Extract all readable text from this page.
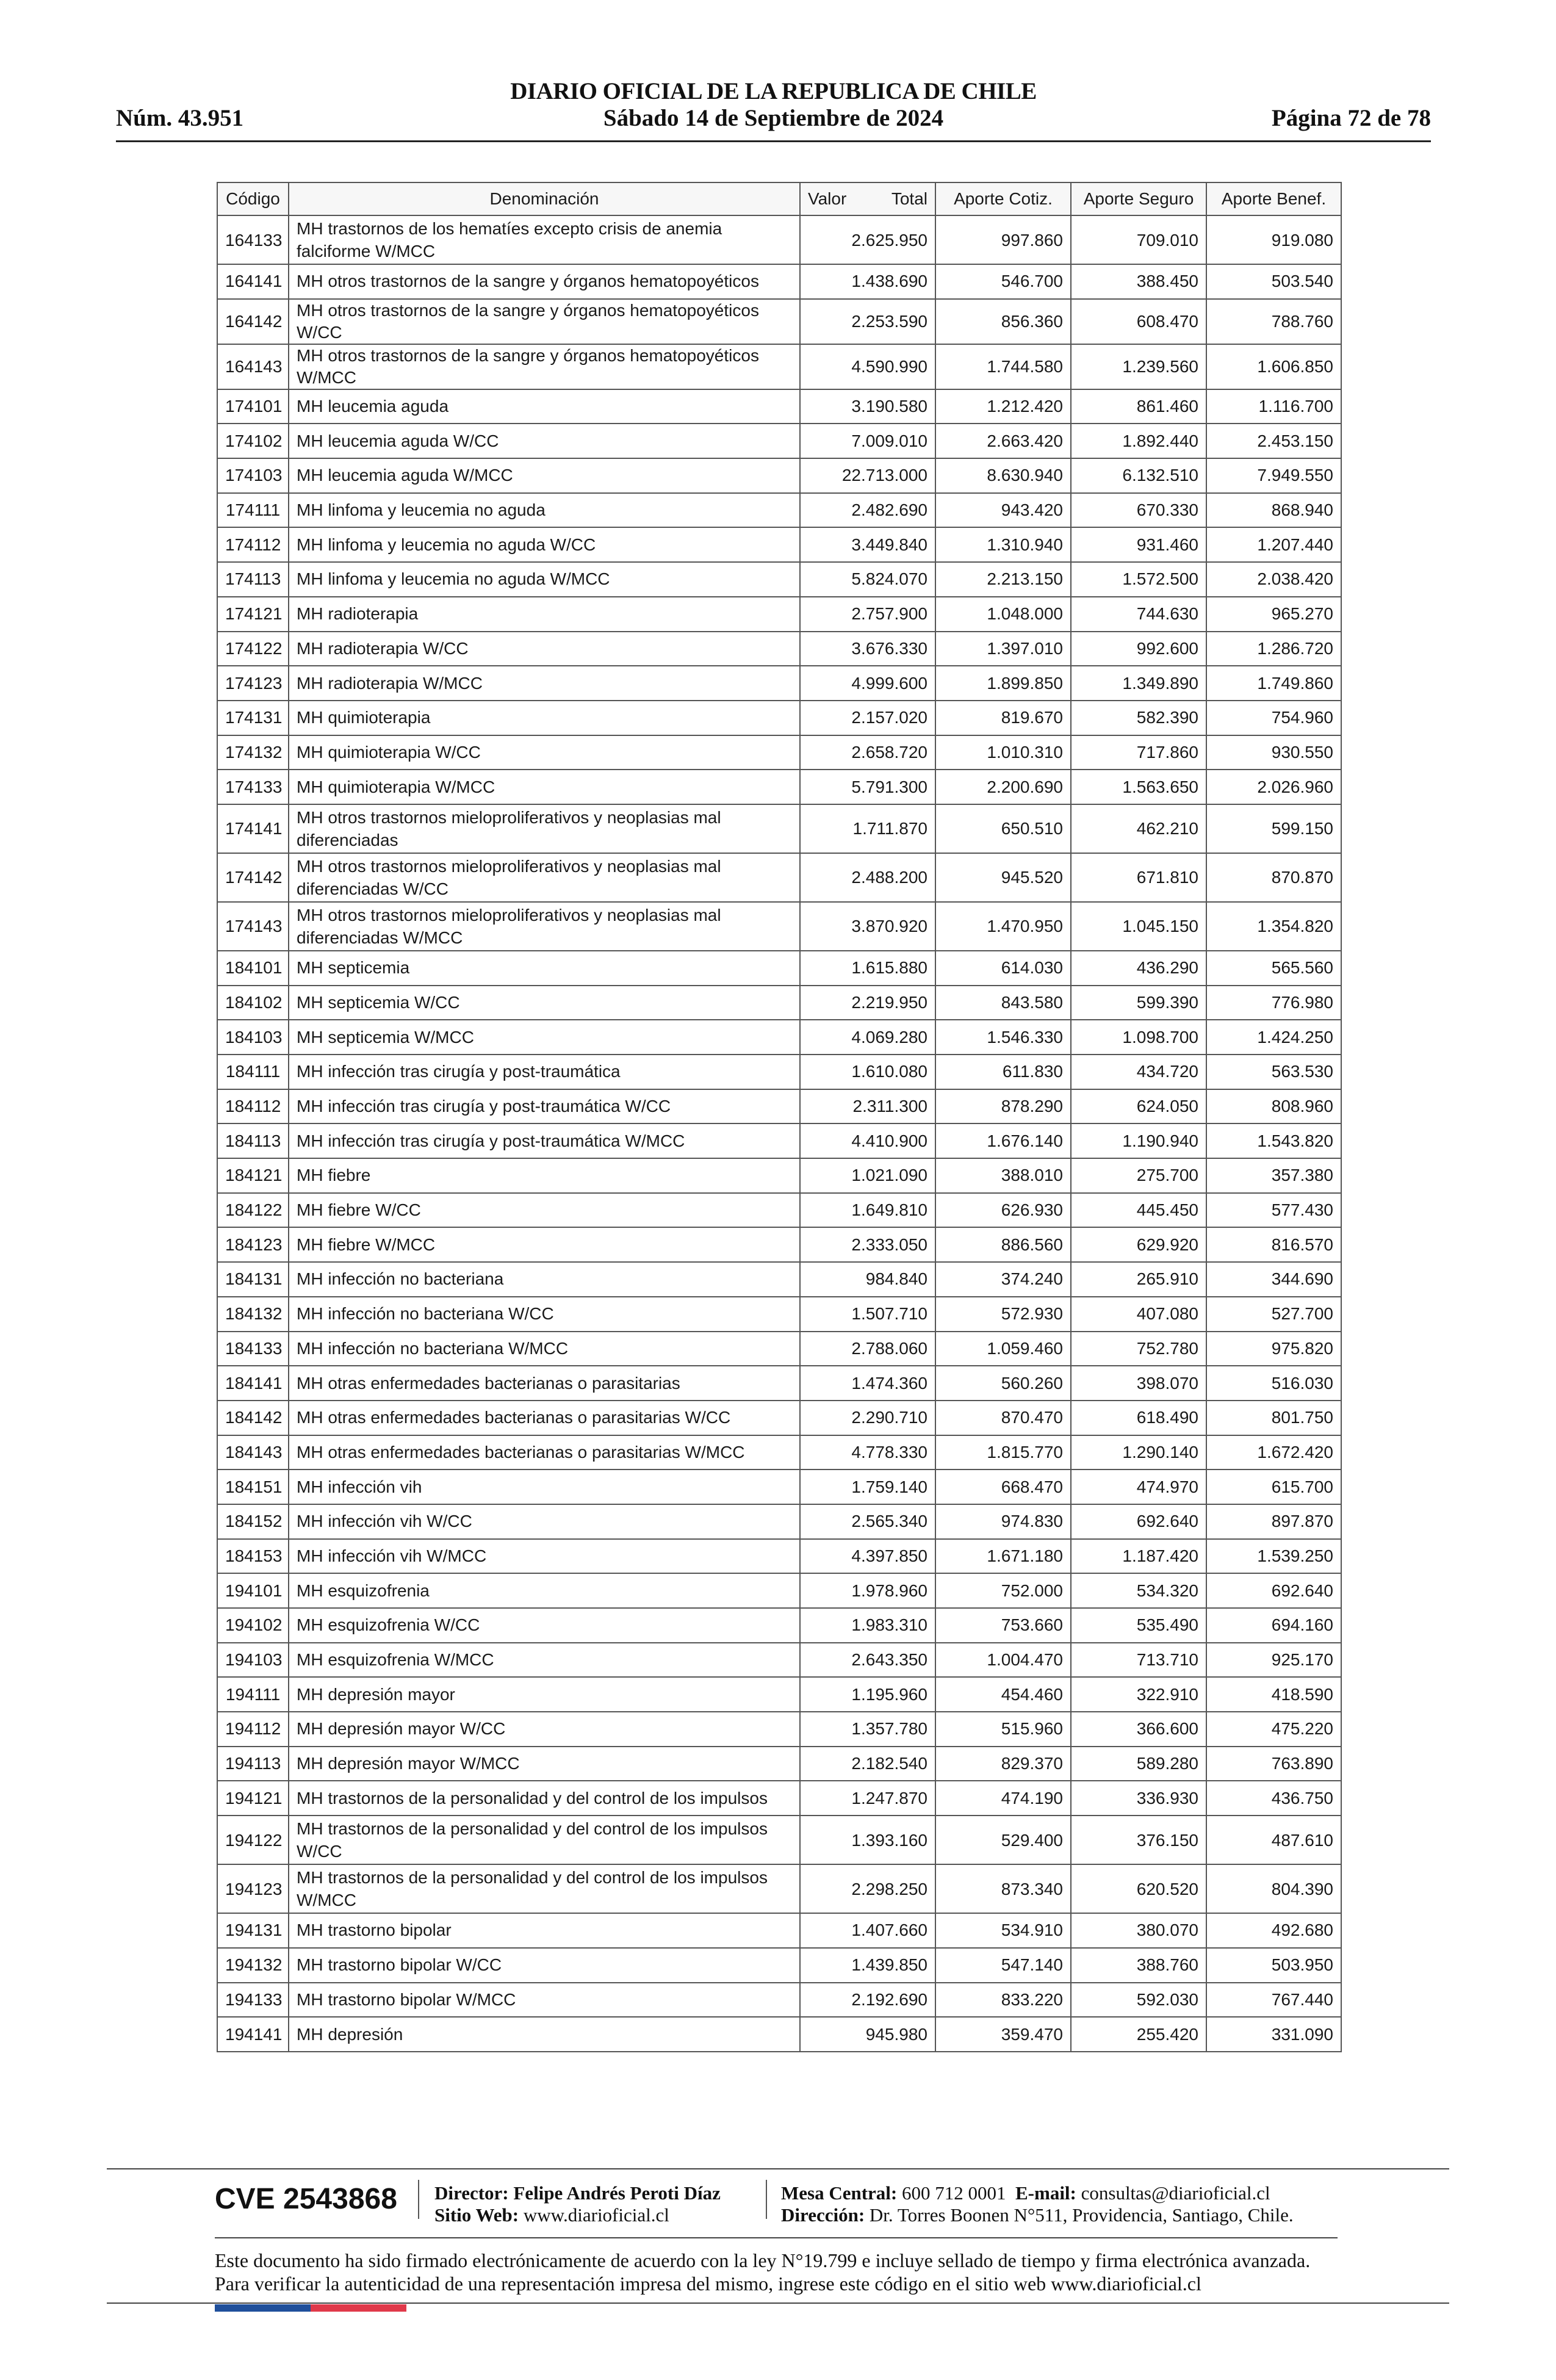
DIARIO OFICIAL DE LA REPUBLICA DE CHILE
Núm. 43.951	Sábado 14 de Septiembre de 2024	Página 72 de 78
Código	Denominación	Valor Total	Aporte Cotiz.	Aporte Seguro	Aporte Benef.
164133	MH trastornos de los hematíes excepto crisis de anemia falciforme W/MCC	2.625.950	997.860	709.010	919.080
164141	MH otros trastornos de la sangre y órganos hematopoyéticos	1.438.690	546.700	388.450	503.540
164142	MH otros trastornos de la sangre y órganos hematopoyéticos W/CC	2.253.590	856.360	608.470	788.760
164143	MH otros trastornos de la sangre y órganos hematopoyéticos W/MCC	4.590.990	1.744.580	1.239.560	1.606.850
174101	MH leucemia aguda	3.190.580	1.212.420	861.460	1.116.700
174102	MH leucemia aguda W/CC	7.009.010	2.663.420	1.892.440	2.453.150
174103	MH leucemia aguda W/MCC	22.713.000	8.630.940	6.132.510	7.949.550
174111	MH linfoma y leucemia no aguda	2.482.690	943.420	670.330	868.940
174112	MH linfoma y leucemia no aguda W/CC	3.449.840	1.310.940	931.460	1.207.440
174113	MH linfoma y leucemia no aguda W/MCC	5.824.070	2.213.150	1.572.500	2.038.420
174121	MH radioterapia	2.757.900	1.048.000	744.630	965.270
174122	MH radioterapia W/CC	3.676.330	1.397.010	992.600	1.286.720
174123	MH radioterapia W/MCC	4.999.600	1.899.850	1.349.890	1.749.860
174131	MH quimioterapia	2.157.020	819.670	582.390	754.960
174132	MH quimioterapia W/CC	2.658.720	1.010.310	717.860	930.550
174133	MH quimioterapia W/MCC	5.791.300	2.200.690	1.563.650	2.026.960
174141	MH otros trastornos mieloproliferativos y neoplasias mal diferenciadas	1.711.870	650.510	462.210	599.150
174142	MH otros trastornos mieloproliferativos y neoplasias mal diferenciadas W/CC	2.488.200	945.520	671.810	870.870
174143	MH otros trastornos mieloproliferativos y neoplasias mal diferenciadas W/MCC	3.870.920	1.470.950	1.045.150	1.354.820
184101	MH septicemia	1.615.880	614.030	436.290	565.560
184102	MH septicemia W/CC	2.219.950	843.580	599.390	776.980
184103	MH septicemia W/MCC	4.069.280	1.546.330	1.098.700	1.424.250
184111	MH infección tras cirugía y post-traumática	1.610.080	611.830	434.720	563.530
184112	MH infección tras cirugía y post-traumática W/CC	2.311.300	878.290	624.050	808.960
184113	MH infección tras cirugía y post-traumática W/MCC	4.410.900	1.676.140	1.190.940	1.543.820
184121	MH fiebre	1.021.090	388.010	275.700	357.380
184122	MH fiebre W/CC	1.649.810	626.930	445.450	577.430
184123	MH fiebre W/MCC	2.333.050	886.560	629.920	816.570
184131	MH infección no bacteriana	984.840	374.240	265.910	344.690
184132	MH infección no bacteriana W/CC	1.507.710	572.930	407.080	527.700
184133	MH infección no bacteriana W/MCC	2.788.060	1.059.460	752.780	975.820
184141	MH otras enfermedades bacterianas o parasitarias	1.474.360	560.260	398.070	516.030
184142	MH otras enfermedades bacterianas o parasitarias W/CC	2.290.710	870.470	618.490	801.750
184143	MH otras enfermedades bacterianas o parasitarias W/MCC	4.778.330	1.815.770	1.290.140	1.672.420
184151	MH infección vih	1.759.140	668.470	474.970	615.700
184152	MH infección vih W/CC	2.565.340	974.830	692.640	897.870
184153	MH infección vih W/MCC	4.397.850	1.671.180	1.187.420	1.539.250
194101	MH esquizofrenia	1.978.960	752.000	534.320	692.640
194102	MH esquizofrenia W/CC	1.983.310	753.660	535.490	694.160
194103	MH esquizofrenia W/MCC	2.643.350	1.004.470	713.710	925.170
194111	MH depresión mayor	1.195.960	454.460	322.910	418.590
194112	MH depresión mayor W/CC	1.357.780	515.960	366.600	475.220
194113	MH depresión mayor W/MCC	2.182.540	829.370	589.280	763.890
194121	MH trastornos de la personalidad y del control de los impulsos	1.247.870	474.190	336.930	436.750
194122	MH trastornos de la personalidad y del control de los impulsos W/CC	1.393.160	529.400	376.150	487.610
194123	MH trastornos de la personalidad y del control de los impulsos W/MCC	2.298.250	873.340	620.520	804.390
194131	MH trastorno bipolar	1.407.660	534.910	380.070	492.680
194132	MH trastorno bipolar W/CC	1.439.850	547.140	388.760	503.950
194133	MH trastorno bipolar W/MCC	2.192.690	833.220	592.030	767.440
194141	MH depresión	945.980	359.470	255.420	331.090
CVE 2543868 Director: Felipe Andrés Peroti Díaz
Sitio Web: www.diarioficial.cl
Mesa Central: 600 712 0001 E-mail: consultas@diarioficial.cl
Dirección: Dr. Torres Boonen N°511, Providencia, Santiago, Chile.
Este documento ha sido firmado electrónicamente de acuerdo con la ley N°19.799 e incluye sellado de tiempo y firma electrónica avanzada. Para verificar la autenticidad de una representación impresa del mismo, ingrese este código en el sitio web www.diarioficial.cl
